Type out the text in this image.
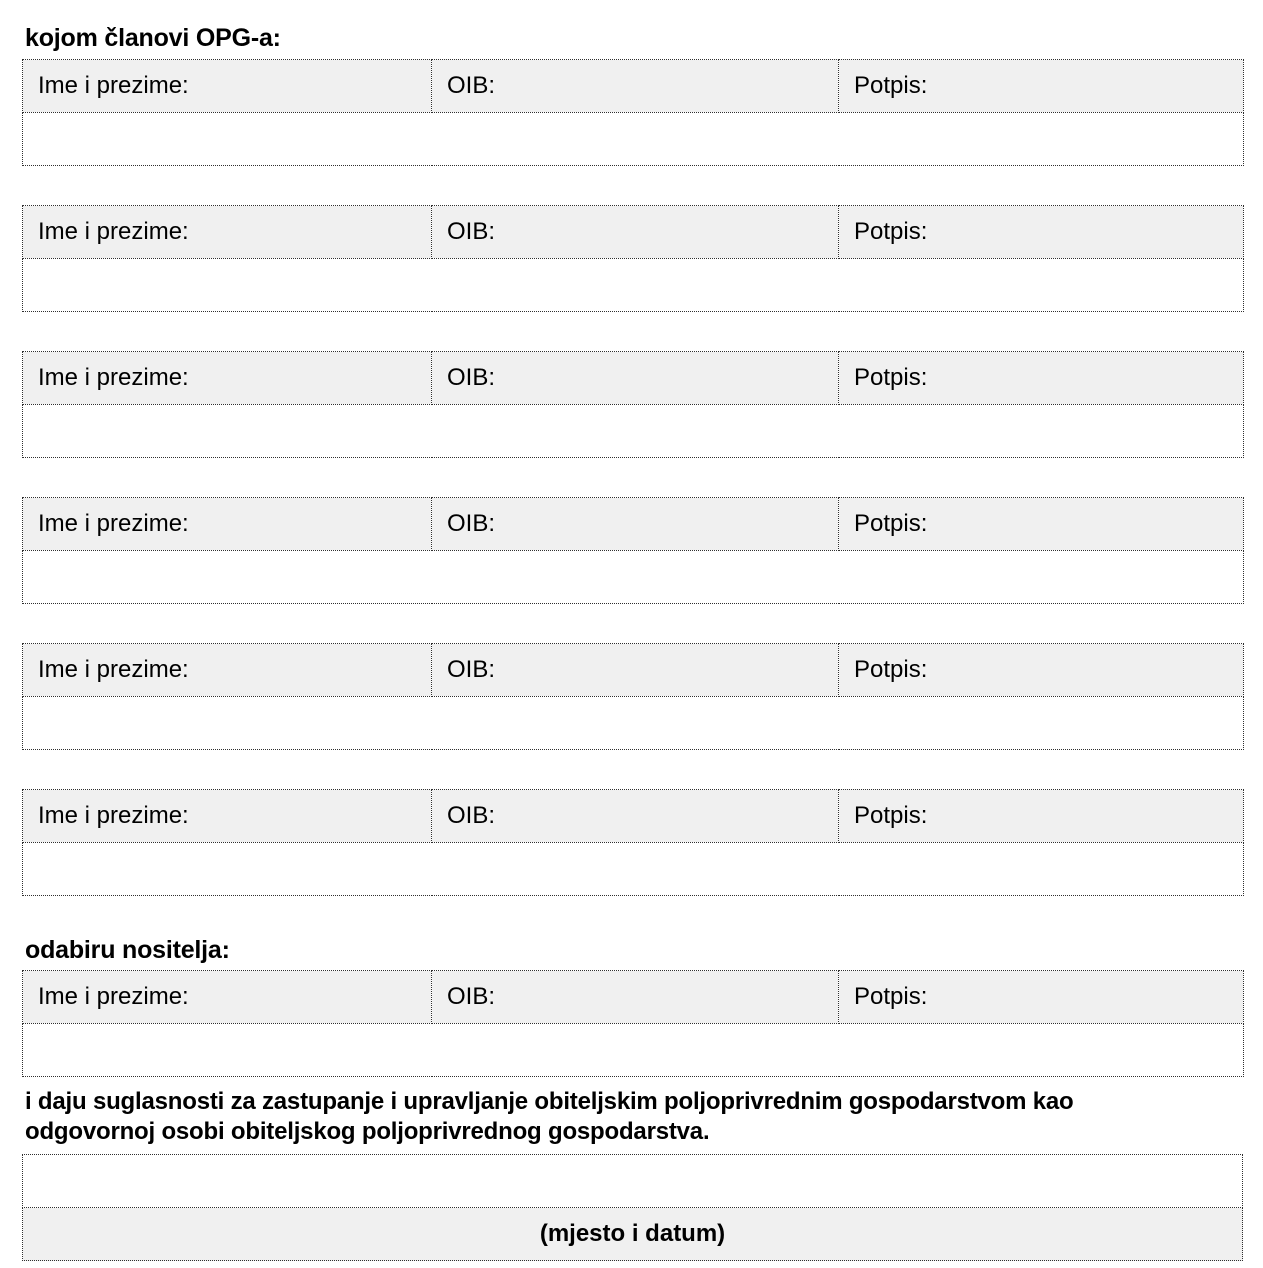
kojom članovi OPG-a:
Ime i prezime:	OIB:	Potpis:

Ime i prezime:	OIB:	Potpis:

Ime i prezime:	OIB:	Potpis:

Ime i prezime:	OIB:	Potpis:

Ime i prezime:	OIB:	Potpis:

Ime i prezime:	OIB:	Potpis:

odabiru nositelja:
Ime i prezime:	OIB:	Potpis:

i daju suglasnosti za zastupanje i upravljanje obiteljskim poljoprivrednim gospodarstvom kao
odgovornoj osobi obiteljskog poljoprivrednog gospodarstva.

(mjesto i datum)
